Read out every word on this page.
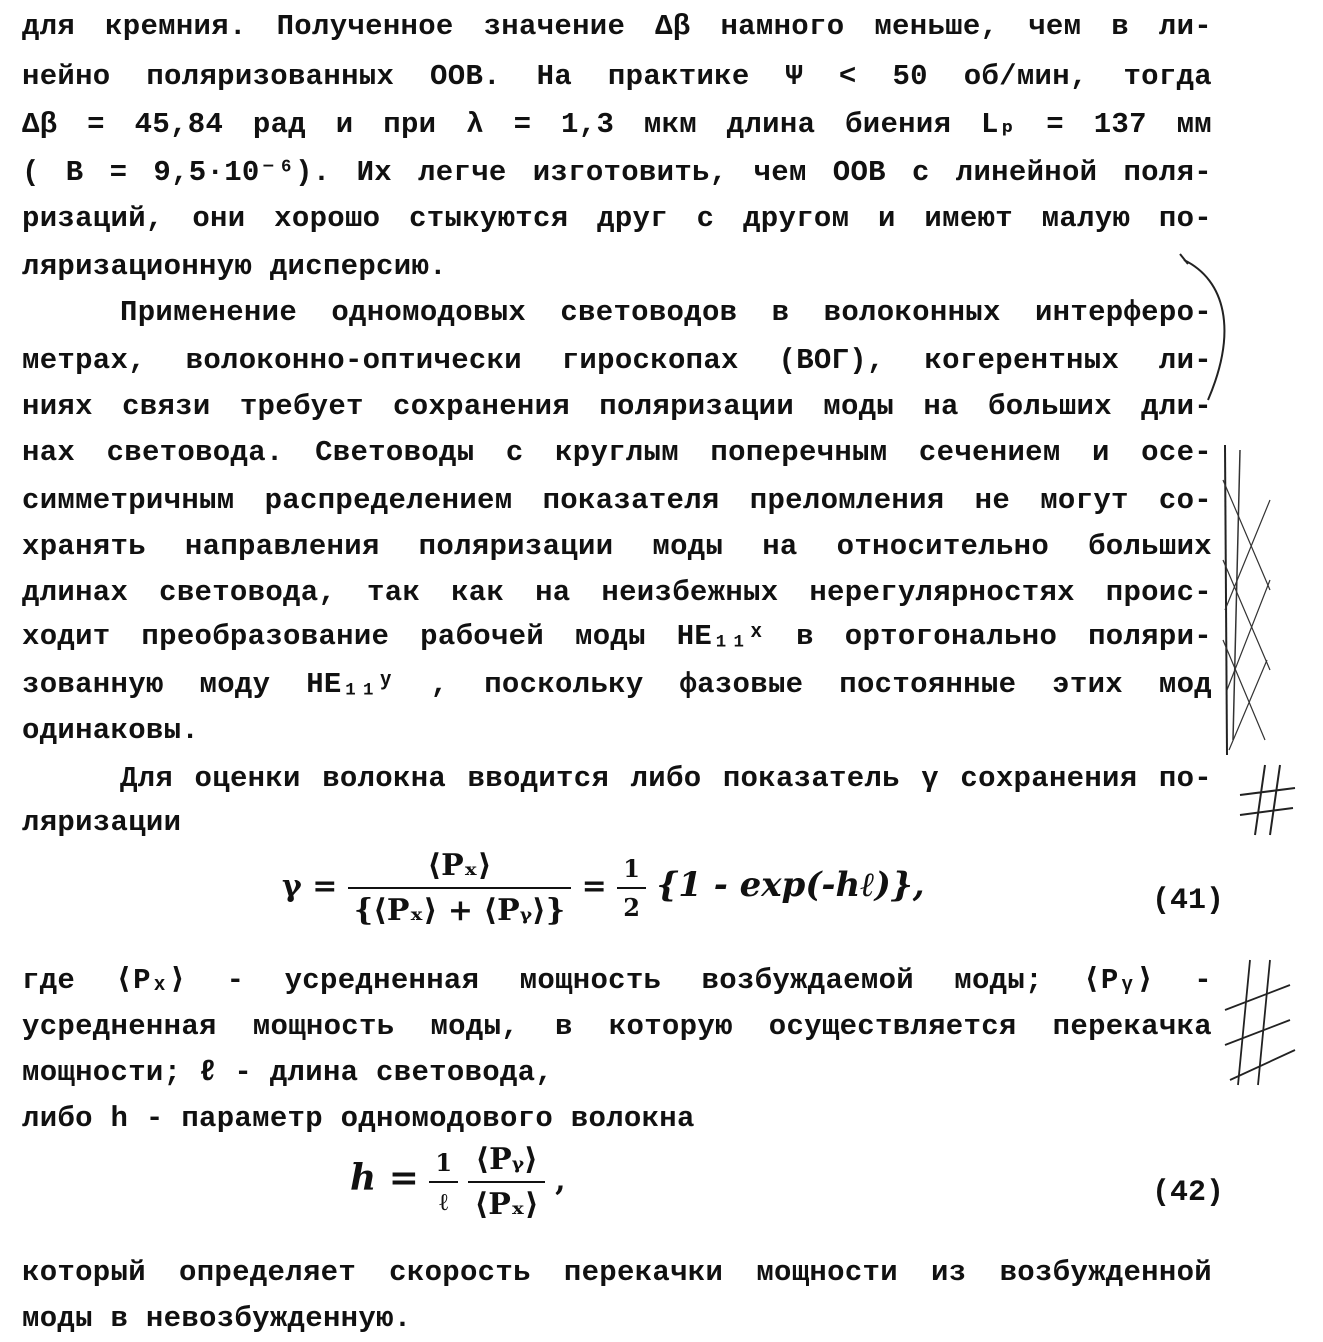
для кремния. Полученное значение Δβ намного меньше, чем в ли-
нейно поляризованных ООВ. На практике Ψ < 50 об/мин, тогда
Δβ = 45,84 рад и при λ = 1,3 мкм длина биения Lₚ = 137 мм
( B = 9,5·10⁻⁶). Их легче изготовить, чем ООВ с линейной поля-
ризаций, они хорошо стыкуются друг с другом и имеют малую по-
ляризационную дисперсию.
Применение одномодовых световодов в волоконных интерферо-
метрах, волоконно-оптически гироскопах (ВОГ), когерентных ли-
ниях связи требует сохранения поляризации моды на больших дли-
нах световода. Световоды с круглым поперечным сечением и осе-
симметричным распределением показателя преломления не могут со-
хранять направления поляризации моды на относительно больших
длинах световода, так как на неизбежных нерегулярностях проис-
ходит преобразование рабочей моды HE₁₁ˣ в ортогонально поляри-
зованную моду HE₁₁ʸ , поскольку фазовые постоянные этих мод
одинаковы.
Для оценки волокна вводится либо показатель γ сохранения по-
ляризации
$\gamma = \frac{\text{⟨Pₓ⟩}}{\text{\{⟨Pₓ⟩ + ⟨Pᵧ⟩\}}} = \frac{1}{2} \{1$ - exp(-hℓ)},	(41)
где ⟨Pₓ⟩ - усредненная мощность возбуждаемой моды; ⟨Pᵧ⟩ -
усредненная мощность моды, в которую осуществляется перекачка
мощности; ℓ - длина световода,
либо h - параметр одномодового волокна
$h = \frac{1}{\text{ℓ}}$
$\frac{\text{⟨Pᵧ⟩}}{\text{⟨Pₓ⟩}}$ ,	(42)
который определяет скорость перекачки мощности из возбужденной
моды в невозбужденную.
